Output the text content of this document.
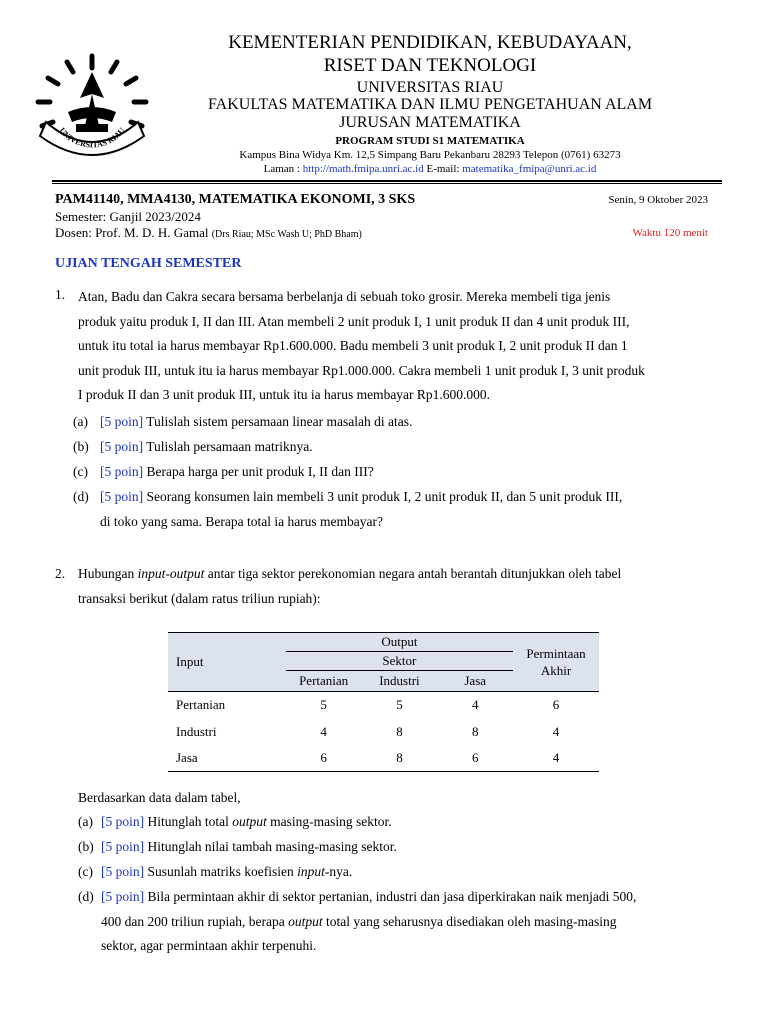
UNIVERSITAS RIAU
KEMENTERIAN PENDIDIKAN, KEBUDAYAAN,
RISET DAN TEKNOLOGI
UNIVERSITAS RIAU
FAKULTAS MATEMATIKA DAN ILMU PENGETAHUAN ALAM
JURUSAN MATEMATIKA
PROGRAM STUDI S1 MATEMATIKA
Kampus Bina Widya Km. 12,5 Simpang Baru Pekanbaru 28293 Telepon (0761) 63273
Laman : http://math.fmipa.unri.ac.id E-mail: matematika_fmipa@unri.ac.id
PAM41140, MMA4130, MATEMATIKA EKONOMI, 3 SKS	Senin, 9 Oktober 2023
Semester: Ganjil 2023/2024
Dosen: Prof. M. D. H. Gamal (Drs Riau; MSc Wash U; PhD Bham)	Waktu 120 menit
UJIAN TENGAH SEMESTER
1. Atan, Badu dan Cakra secara bersama berbelanja di sebuah toko grosir. Mereka membeli tiga jenis
produk yaitu produk I, II dan III. Atan membeli 2 unit produk I, 1 unit produk II dan 4 unit produk III,
untuk itu total ia harus membayar Rp1.600.000. Badu membeli 3 unit produk I, 2 unit produk II dan 1
unit produk III, untuk itu ia harus membayar Rp1.000.000. Cakra membeli 1 unit produk I, 3 unit produk
I produk II dan 3 unit produk III, untuk itu ia harus membayar Rp1.600.000.
(a) [5 poin] Tulislah sistem persamaan linear masalah di atas.
(b) [5 poin] Tulislah persamaan matriknya.
(c) [5 poin] Berapa harga per unit produk I, II dan III?
(d) [5 poin] Seorang konsumen lain membeli 3 unit produk I, 2 unit produk II, dan 5 unit produk III,
di toko yang sama. Berapa total ia harus membayar?
2. Hubungan input-output antar tiga sektor perekonomian negara antah berantah ditunjukkan oleh tabel
transaksi berikut (dalam ratus triliun rupiah):
Input	Output			Permintaan
Akhir

	Sektor			
	Pertanian	Industri	Jasa	
Pertanian	5	5	4	6
Industri	4	8	8	4
Jasa	6	8	6	4
Berdasarkan data dalam tabel,
(a) [5 poin] Hitunglah total output masing-masing sektor.
(b) [5 poin] Hitunglah nilai tambah masing-masing sektor.
(c) [5 poin] Susunlah matriks koefisien input-nya.
(d) [5 poin] Bila permintaan akhir di sektor pertanian, industri dan jasa diperkirakan naik menjadi 500,
400 dan 200 triliun rupiah, berapa output total yang seharusnya disediakan oleh masing-masing
sektor, agar permintaan akhir terpenuhi.
